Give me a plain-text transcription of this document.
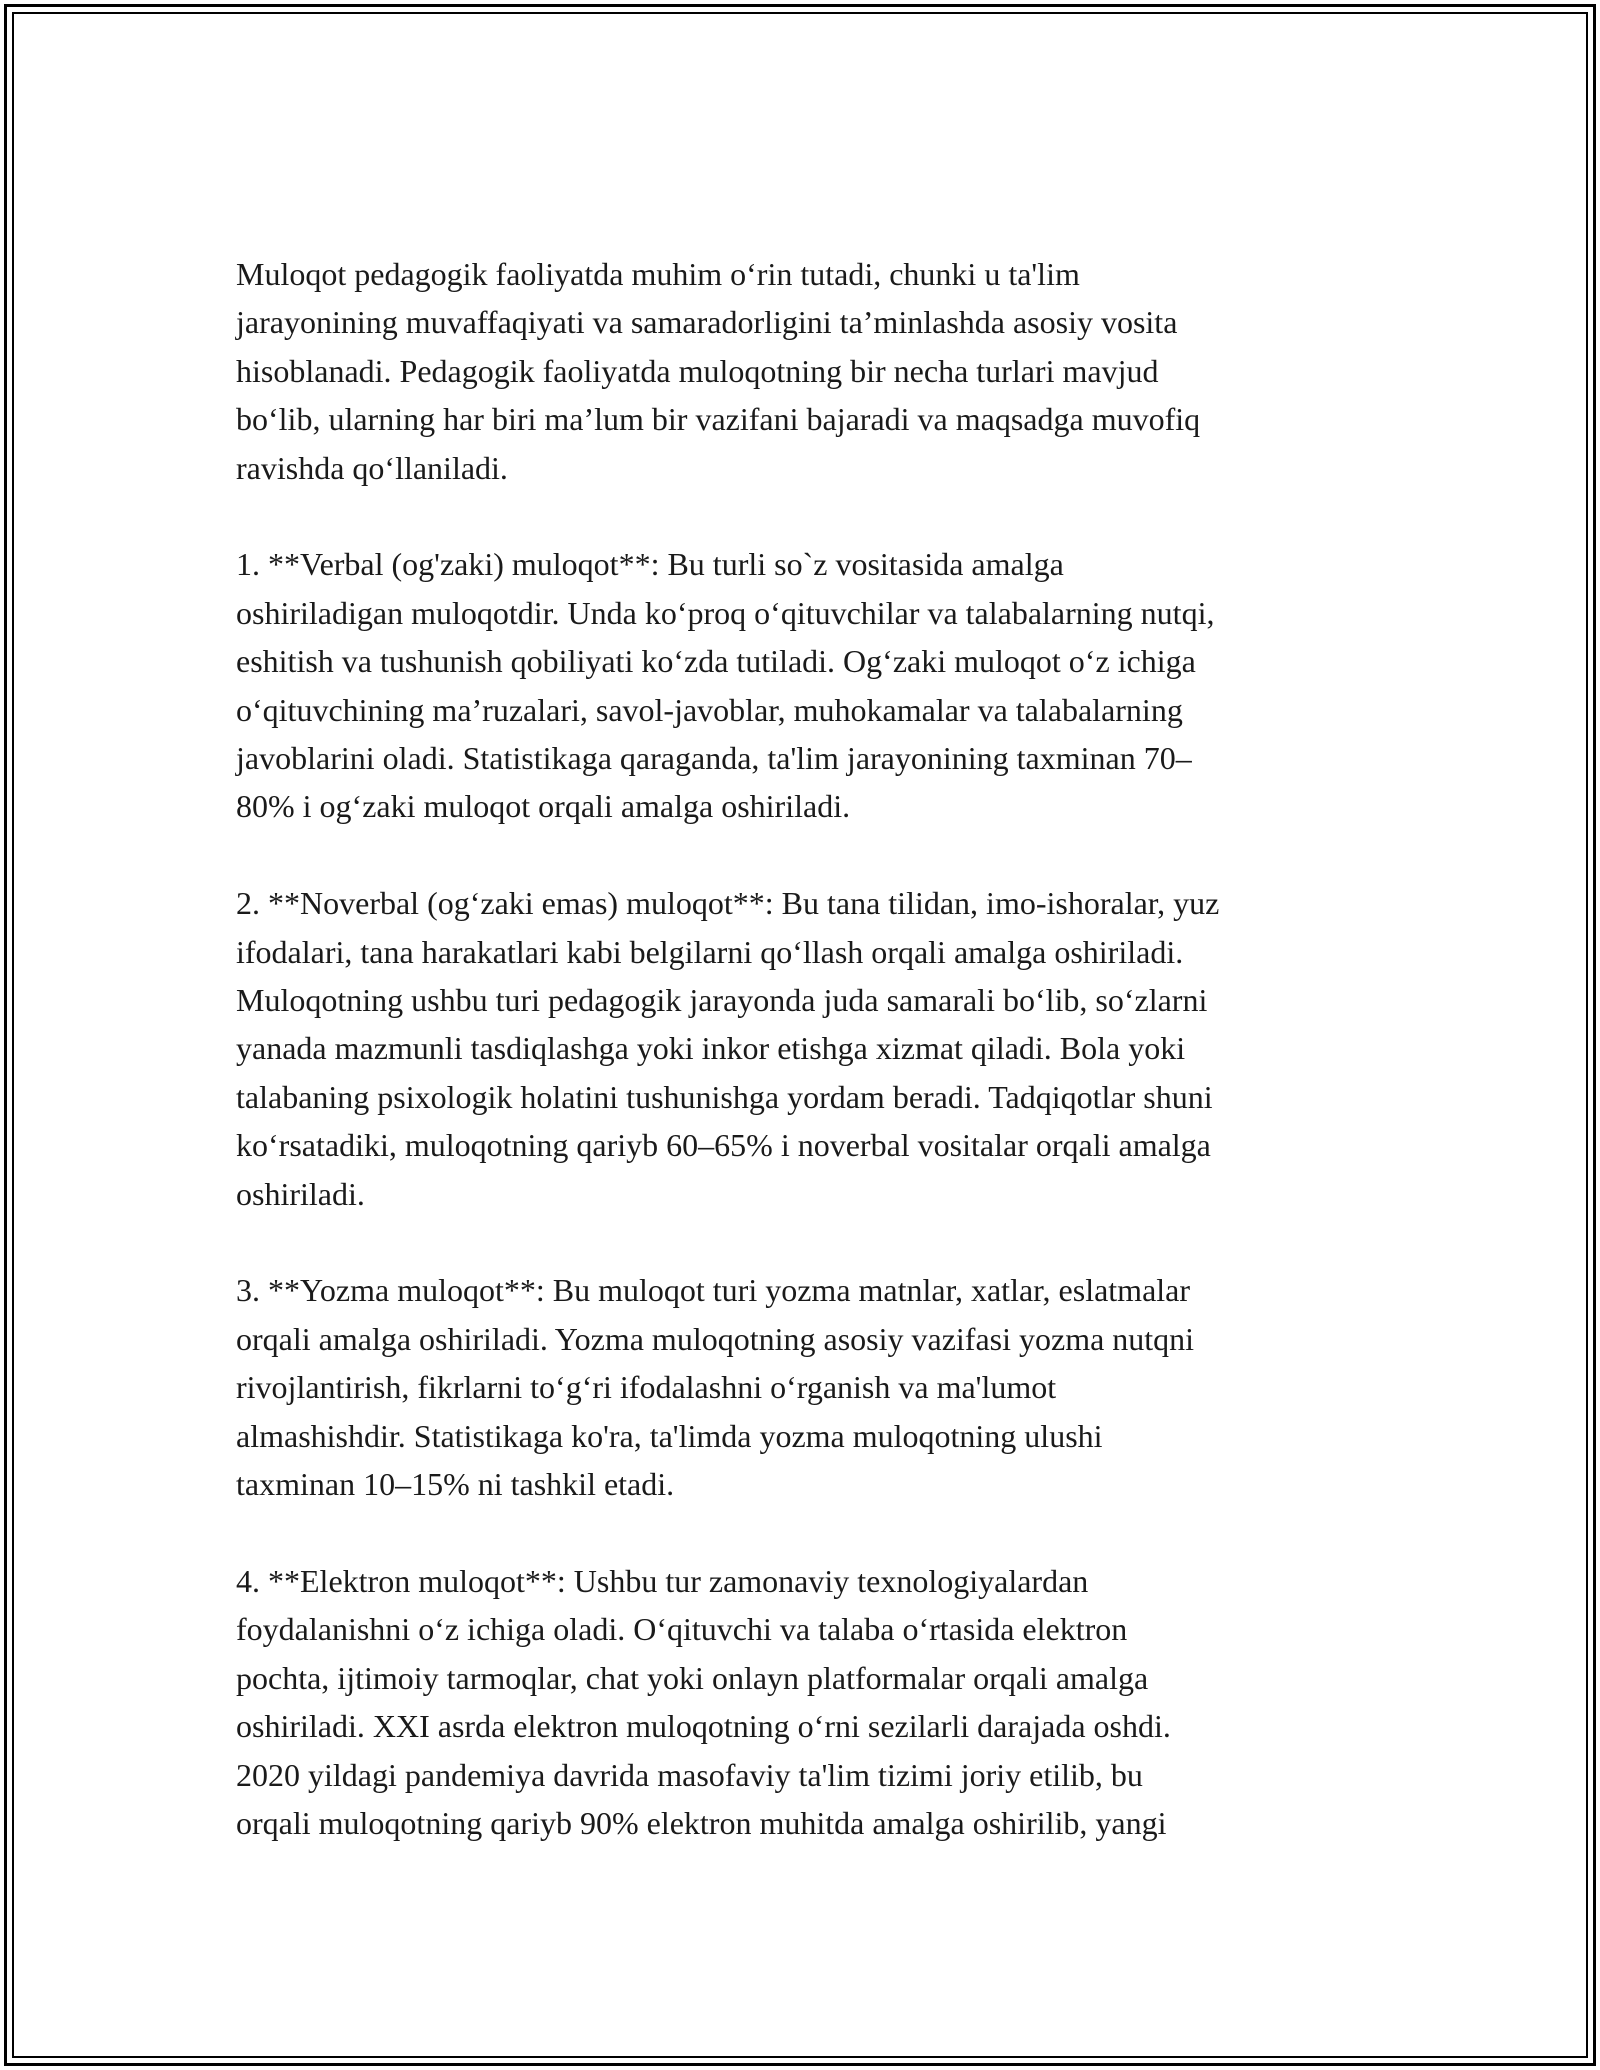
Muloqot pedagogik faoliyatda muhim o‘rin tutadi, chunki u ta'lim
jarayonining muvaffaqiyati va samaradorligini ta’minlashda asosiy vosita
hisoblanadi. Pedagogik faoliyatda muloqotning bir necha turlari mavjud
bo‘lib, ularning har biri ma’lum bir vazifani bajaradi va maqsadga muvofiq
ravishda qo‘llaniladi.

1. **Verbal (og'zaki) muloqot**: Bu turli so`z vositasida amalga
oshiriladigan muloqotdir. Unda ko‘proq o‘qituvchilar va talabalarning nutqi,
eshitish va tushunish qobiliyati ko‘zda tutiladi. Og‘zaki muloqot o‘z ichiga
o‘qituvchining ma’ruzalari, savol-javoblar, muhokamalar va talabalarning
javoblarini oladi. Statistikaga qaraganda, ta'lim jarayonining taxminan 70–
80% i og‘zaki muloqot orqali amalga oshiriladi.

2. **Noverbal (og‘zaki emas) muloqot**: Bu tana tilidan, imo-ishoralar, yuz
ifodalari, tana harakatlari kabi belgilarni qo‘llash orqali amalga oshiriladi.
Muloqotning ushbu turi pedagogik jarayonda juda samarali bo‘lib, so‘zlarni
yanada mazmunli tasdiqlashga yoki inkor etishga xizmat qiladi. Bola yoki
talabaning psixologik holatini tushunishga yordam beradi. Tadqiqotlar shuni
ko‘rsatadiki, muloqotning qariyb 60–65% i noverbal vositalar orqali amalga
oshiriladi.

3. **Yozma muloqot**: Bu muloqot turi yozma matnlar, xatlar, eslatmalar
orqali amalga oshiriladi. Yozma muloqotning asosiy vazifasi yozma nutqni
rivojlantirish, fikrlarni to‘g‘ri ifodalashni o‘rganish va ma'lumot
almashishdir. Statistikaga ko'ra, ta'limda yozma muloqotning ulushi
taxminan 10–15% ni tashkil etadi.

4. **Elektron muloqot**: Ushbu tur zamonaviy texnologiyalardan
foydalanishni o‘z ichiga oladi. O‘qituvchi va talaba o‘rtasida elektron
pochta, ijtimoiy tarmoqlar, chat yoki onlayn platformalar orqali amalga
oshiriladi. XXI asrda elektron muloqotning o‘rni sezilarli darajada oshdi.
2020 yildagi pandemiya davrida masofaviy ta'lim tizimi joriy etilib, bu
orqali muloqotning qariyb 90% elektron muhitda amalga oshirilib, yangi
